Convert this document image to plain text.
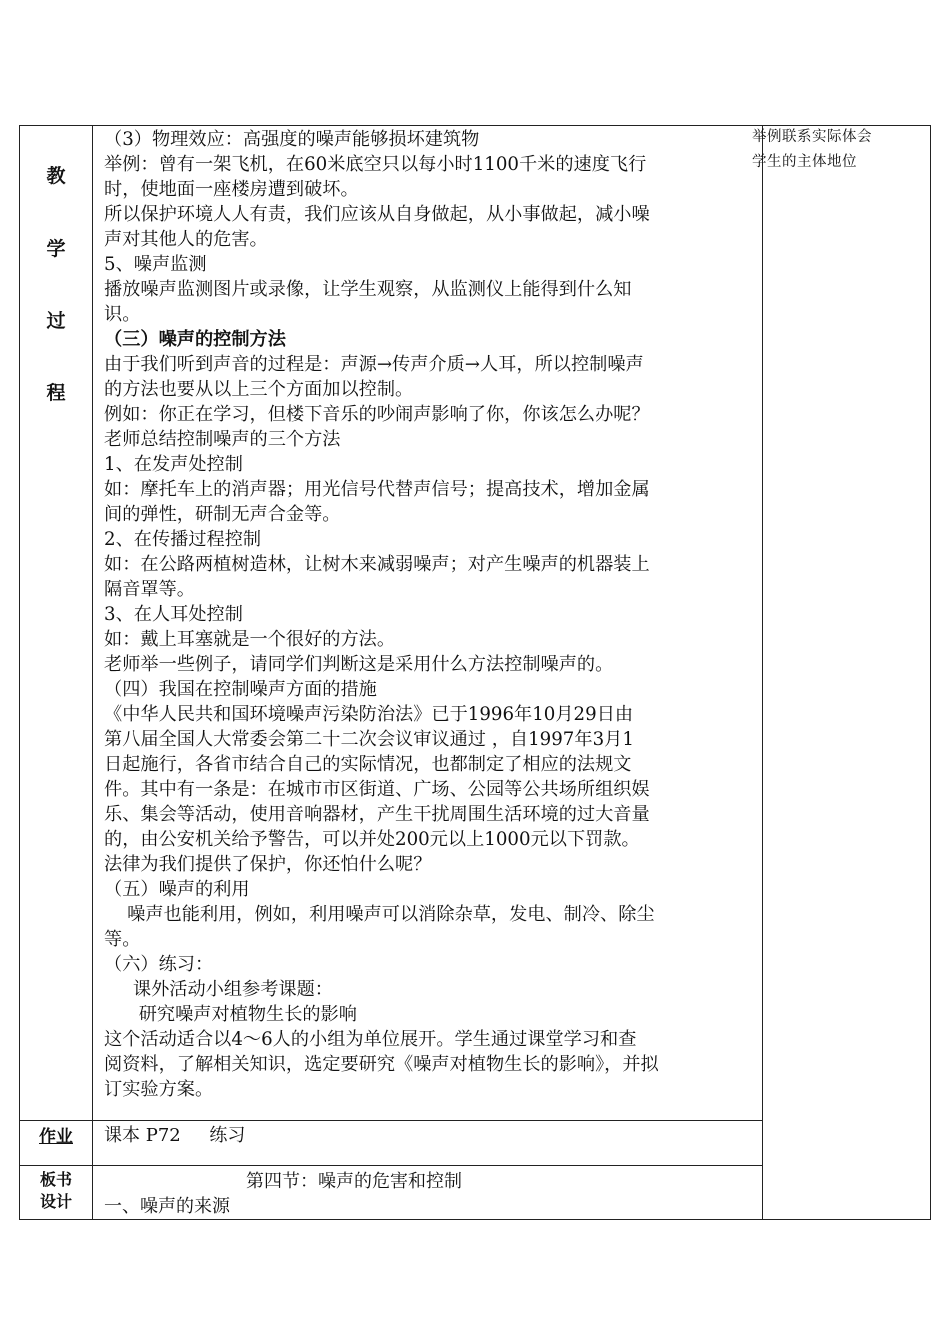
教
学
过
程
作业
板书
设计

（3）物理效应：高强度的噪声能够损坏建筑物

举例：曾有一架飞机，在60米底空只以每小时1100千米的速度飞行

时，使地面一座楼房遭到破坏。

所以保护环境人人有责，我们应该从自身做起，从小事做起，减小噪

声对其他人的危害。

5、噪声监测

播放噪声监测图片或录像，让学生观察，从监测仪上能得到什么知

识。

（三）噪声的控制方法

由于我们听到声音的过程是：声源→传声介质→人耳，所以控制噪声

的方法也要从以上三个方面加以控制。

例如：你正在学习，但楼下音乐的吵闹声影响了你，你该怎么办呢？

老师总结控制噪声的三个方法

1、在发声处控制

如：摩托车上的消声器；用光信号代替声信号；提高技术，增加金属

间的弹性，研制无声合金等。

2、在传播过程控制

如：在公路两植树造林，让树木来减弱噪声；对产生噪声的机器装上

隔音罩等。

3、在人耳处控制

如：戴上耳塞就是一个很好的方法。

老师举一些例子，请同学们判断这是采用什么方法控制噪声的。

（四）我国在控制噪声方面的措施

《中华人民共和国环境噪声污染防治法》已于1996年10月29日由

第八届全国人大常委会第二十二次会议审议通过 ，自1997年3月1

日起施行，各省市结合自己的实际情况，也都制定了相应的法规文

件。其中有一条是：在城市市区街道、广场、公园等公共场所组织娱

乐、集会等活动，使用音响器材，产生干扰周围生活环境的过大音量

的，由公安机关给予警告，可以并处200元以上1000元以下罚款。

法律为我们提供了保护，你还怕什么呢？

（五）噪声的利用

噪声也能利用，例如，利用噪声可以消除杂草，发电、制冷、除尘

等。

（六）练习：

课外活动小组参考课题：

研究噪声对植物生长的影响

这个活动适合以4～6人的小组为单位展开。学生通过课堂学习和查

阅资料，了解相关知识，选定要研究《噪声对植物生长的影响》，并拟

订实验方案。

课本 P72     练习
第四节：噪声的危害和控制
一、噪声的来源
举例联系实际体会
学生的主体地位
